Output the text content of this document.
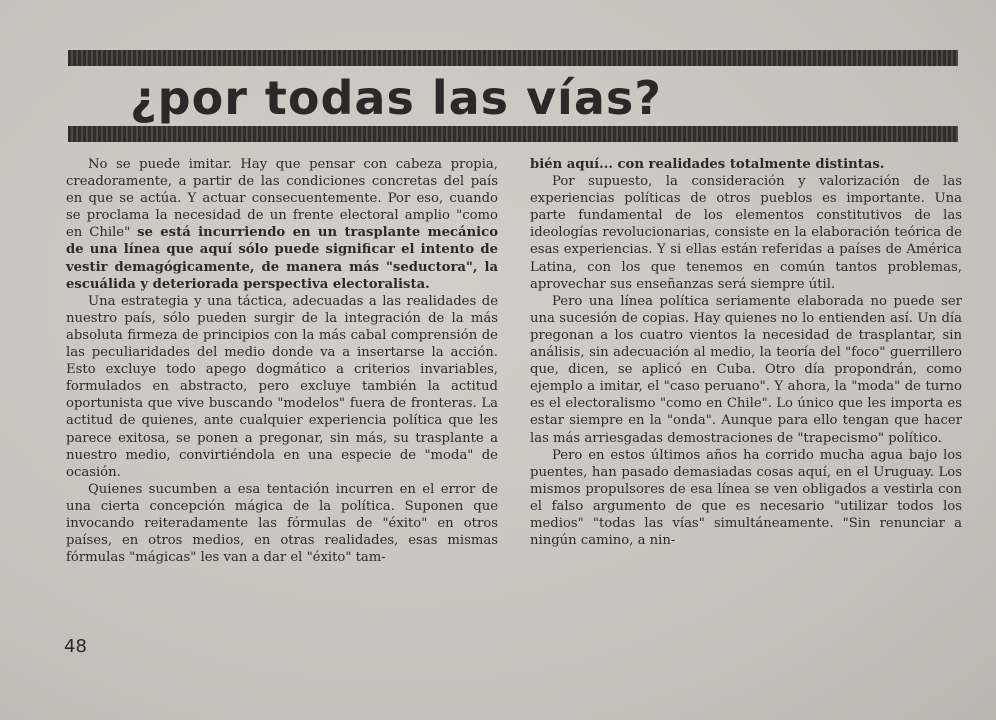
¿por todas las vías?

No se puede imitar. Hay que pensar con cabeza propia, creadoramente, a partir de las condiciones concretas del país en que se actúa. Y actuar consecuentemente. Por eso, cuando se proclama la necesidad de un frente electoral amplio "como en Chile" se está incurriendo en un trasplante mecánico de una línea que aquí sólo puede significar el intento de vestir demagógicamente, de manera más "seductora", la escuálida y deteriorada perspectiva electoralista.

Una estrategia y una táctica, adecuadas a las realidades de nuestro país, sólo pueden surgir de la integración de la más absoluta firmeza de principios con la más cabal comprensión de las peculiaridades del medio donde va a insertarse la acción. Esto excluye todo apego dogmático a criterios invariables, formulados en abstracto, pero excluye también la actitud oportunista que vive buscando "modelos" fuera de fronteras. La actitud de quienes, ante cualquier experiencia política que les parece exitosa, se ponen a pregonar, sin más, su trasplante a nuestro medio, convirtiéndola en una especie de "moda" de ocasión.

Quienes sucumben a esa tentación incurren en el error de una cierta concepción mágica de la política. Suponen que invocando reiteradamente las fórmulas de "éxito" en otros países, en otros medios, en otras realidades, esas mismas fórmulas "mágicas" les van a dar el "éxito" tam-

bién aquí... con realidades totalmente distintas.

Por supuesto, la consideración y valorización de las experiencias políticas de otros pueblos es importante. Una parte fundamental de los elementos constitutivos de las ideologías revolucionarias, consiste en la elaboración teórica de esas experiencias. Y si ellas están referidas a países de América Latina, con los que tenemos en común tantos problemas, aprovechar sus enseñanzas será siempre útil.

Pero una línea política seriamente elaborada no puede ser una sucesión de copias. Hay quienes no lo entienden así. Un día pregonan a los cuatro vientos la necesidad de trasplantar, sin análisis, sin adecuación al medio, la teoría del "foco" guerrillero que, dicen, se aplicó en Cuba. Otro día propondrán, como ejemplo a imitar, el "caso peruano". Y ahora, la "moda" de turno es el electoralismo "como en Chile". Lo único que les importa es estar siempre en la "onda". Aunque para ello tengan que hacer las más arriesgadas demostraciones de "trapecismo" político.

Pero en estos últimos años ha corrido mucha agua bajo los puentes, han pasado demasiadas cosas aquí, en el Uruguay. Los mismos propulsores de esa línea se ven obligados a vestirla con el falso argumento de que es necesario "utilizar todos los medios" "todas las vías" simultáneamente. "Sin renunciar a ningún camino, a nin-

48
